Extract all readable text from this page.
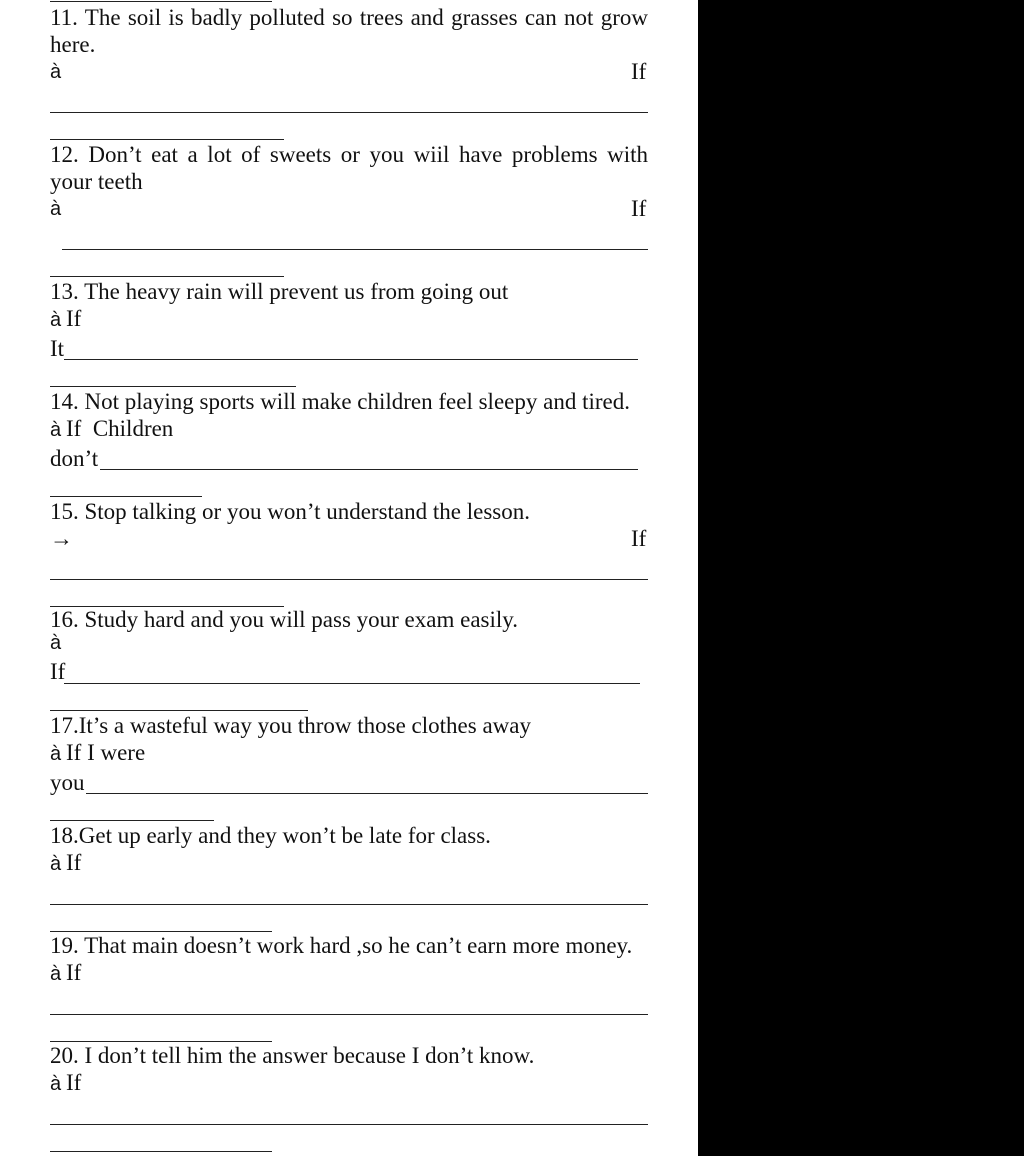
11. The soil is badly polluted so trees and grasses can not grow here.
à	If
12. Don’t eat a lot of sweets or you wiil have problems with your teeth
à	If
13. The heavy rain will prevent us from going out
à If
It
14. Not playing sports will make children feel sleepy and tired.
à If  Children
don’t
15. Stop talking or you won’t understand the lesson.
→	If
16. Study hard and you will pass your exam easily.
à
If
17.It’s a wasteful way you throw those clothes away
à If I were
you
18.Get up early and they won’t be late for class.
à If
19. That main doesn’t work hard ,so he can’t earn more money.
à If
20. I don’t tell him the answer because I don’t know.
à If
